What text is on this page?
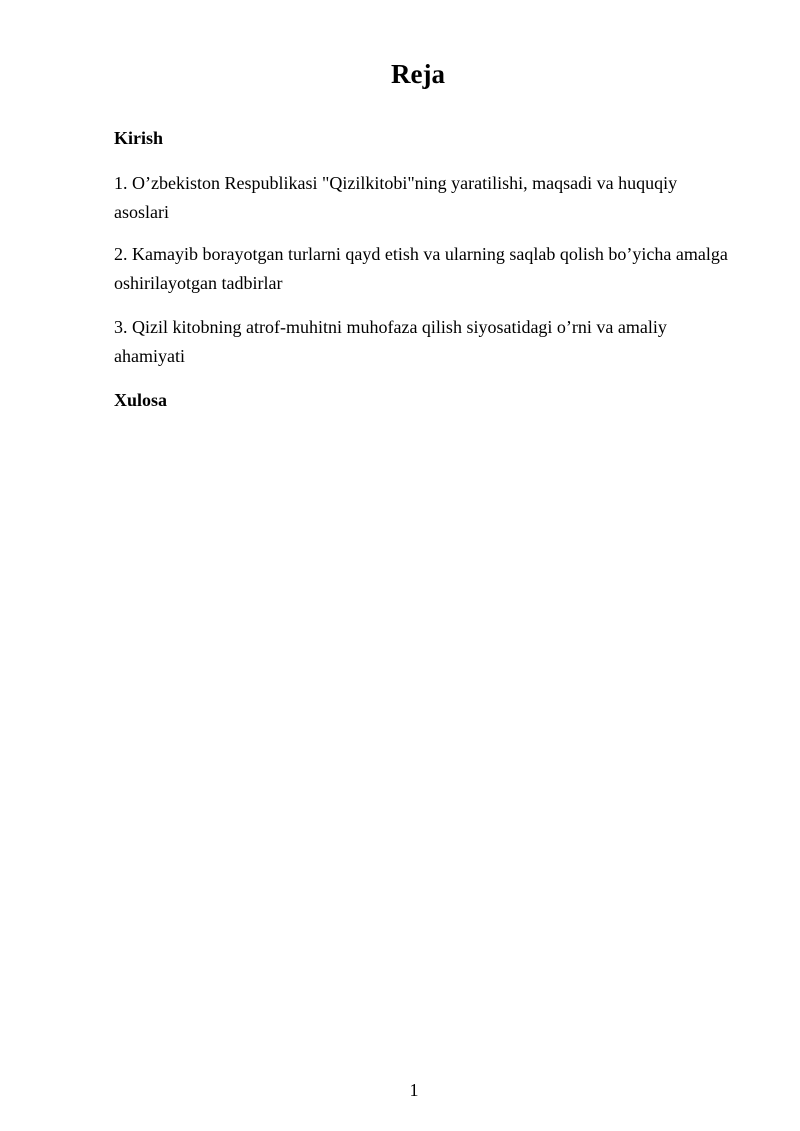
Reja
Kirish
1. O’zbekiston Respublikasi "Qizilkitobi"ning yaratilishi, maqsadi va huquqiy asoslari
2. Kamayib borayotgan turlarni qayd etish va ularning saqlab qolish bo’yicha amalga oshirilayotgan tadbirlar
3. Qizil kitobning atrof-muhitni muhofaza qilish siyosatidagi o’rni va amaliy ahamiyati
Xulosa
1
